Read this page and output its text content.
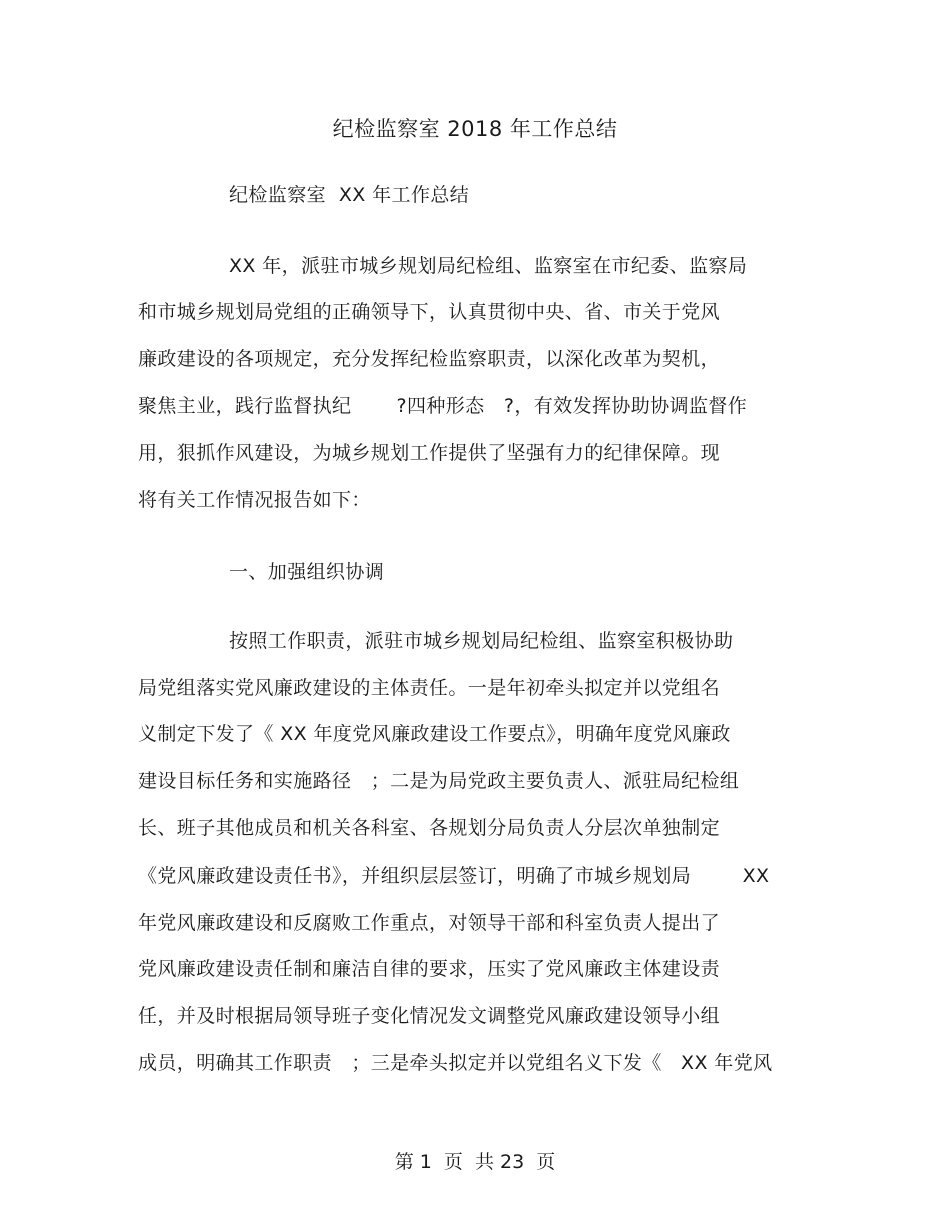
纪检监察室 2018 年工作总结
纪检监察室  XX 年工作总结
XX 年，派驻市城乡规划局纪检组、监察室在市纪委、监察局
和市城乡规划局党组的正确领导下，认真贯彻中央、省、市关于党风
廉政建设的各项规定，充分发挥纪检监察职责，以深化改革为契机，
聚焦主业，践行监督执纪       ?四种形态   ?，有效发挥协助协调监督作
用，狠抓作风建设，为城乡规划工作提供了坚强有力的纪律保障。现
将有关工作情况报告如下：
一、加强组织协调
按照工作职责，派驻市城乡规划局纪检组、监察室积极协助
局党组落实党风廉政建设的主体责任。一是年初牵头拟定并以党组名
义制定下发了《 XX 年度党风廉政建设工作要点》，明确年度党风廉政
建设目标任务和实施路径   ；二是为局党政主要负责人、派驻局纪检组
长、班子其他成员和机关各科室、各规划分局负责人分层次单独制定
《党风廉政建设责任书》，并组织层层签订，明确了市城乡规划局        XX
年党风廉政建设和反腐败工作重点，对领导干部和科室负责人提出了
党风廉政建设责任制和廉洁自律的要求，压实了党风廉政主体建设责
任，并及时根据局领导班子变化情况发文调整党风廉政建设领导小组
成员，明确其工作职责   ；三是牵头拟定并以党组名义下发《   XX 年党风
第 1  页  共 23  页
